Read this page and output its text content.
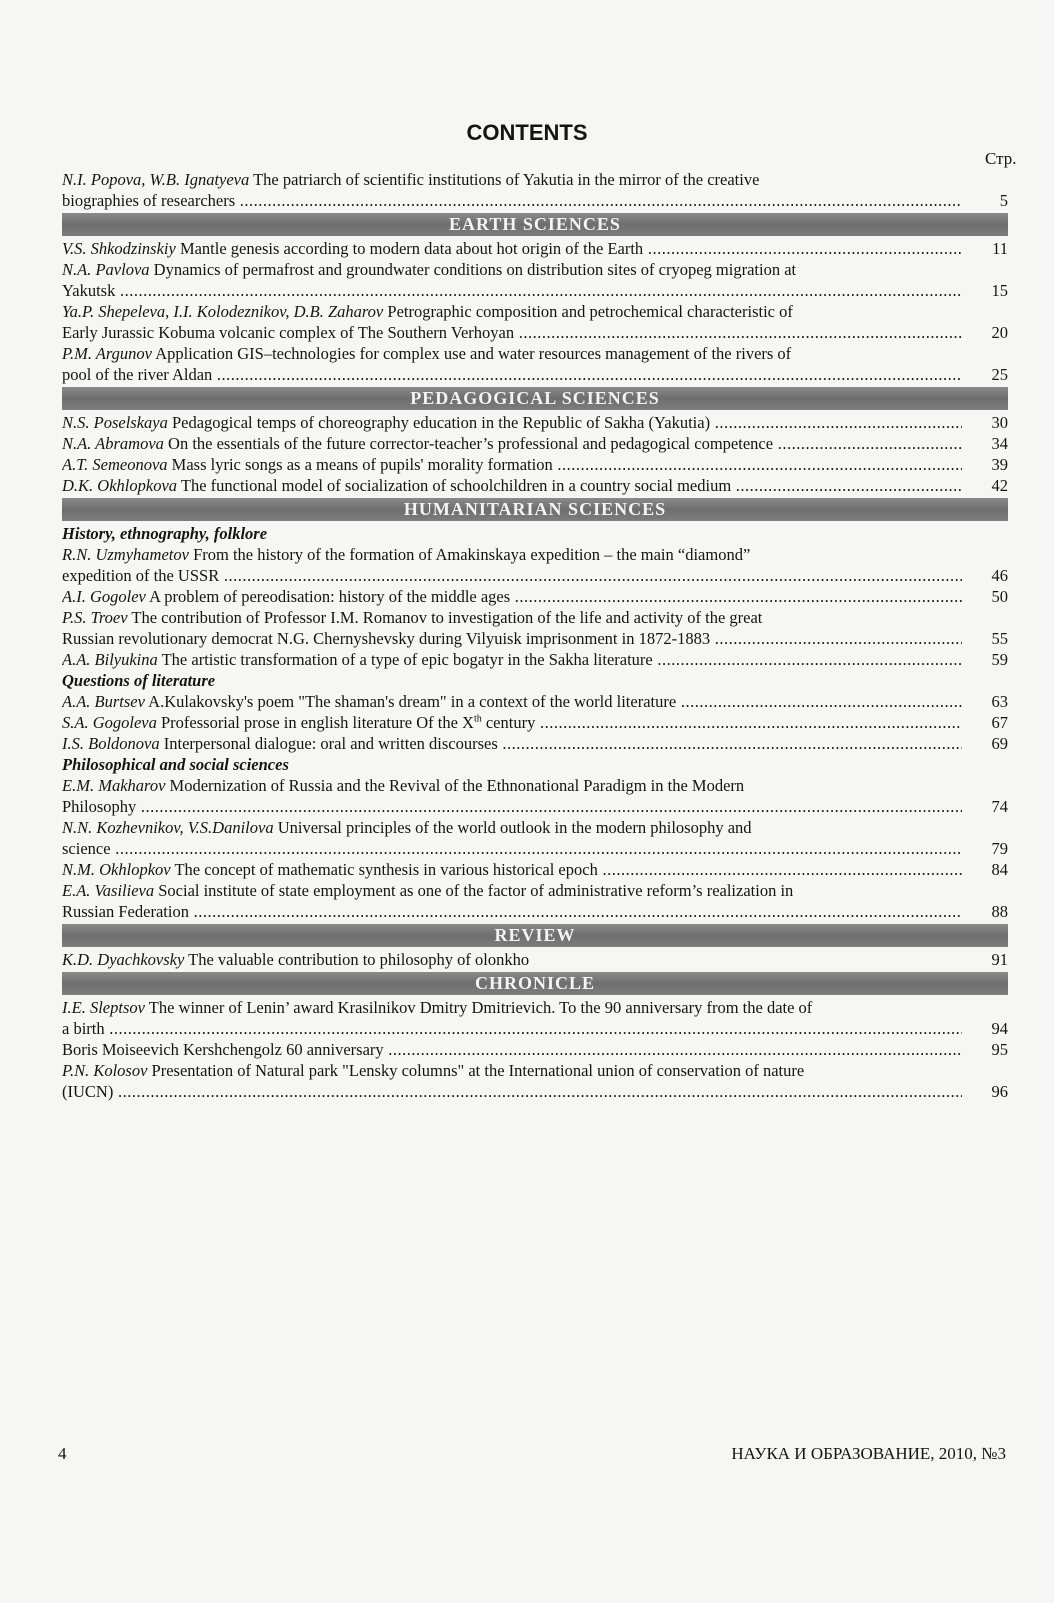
CONTENTS
Стр.
N.I. Popova, W.B. Ignatyeva The patriarch of scientific institutions of Yakutia in the mirror of the creative
biographies of researchers .....	5
EARTH SCIENCES
V.S. Shkodzinskiy Mantle genesis according to modern data about hot origin of the Earth .....	11
N.A. Pavlova Dynamics of permafrost and groundwater conditions on distribution sites of cryopeg migration at
Yakutsk .....	15
Ya.P. Shepeleva, I.I. Kolodeznikov, D.B. Zaharov Petrographic composition and petrochemical characteristic of
Early Jurassic Kobuma volcanic complex of The Southern Verhoyan .....	20
P.M. Argunov Application GIS–technologies for complex use and water resources management of the rivers of
pool of the river Aldan .....	25
PEDAGOGICAL SCIENCES
N.S. Poselskaya Pedagogical temps of choreography education in the Republic of Sakha (Yakutia) .....	30
N.A. Abramova On the essentials of the future corrector-teacher’s professional and pedagogical competence .....	34
A.T. Semeonova Mass lyric songs as a means of pupils' morality formation .....	39
D.K. Okhlopkova The functional model of socialization of schoolchildren in a country social medium .....	42
HUMANITARIAN SCIENCES
History, ethnography, folklore
R.N. Uzmyhametov From the history of the formation of Amakinskaya expedition – the main “diamond”
expedition of the USSR .....	46
A.I. Gogolev A problem of pereodisation: history of the middle ages .....	50
P.S. Troev The contribution of Professor I.M. Romanov to investigation of the life and activity of the great
Russian revolutionary democrat N.G. Chernyshevsky during Vilyuisk imprisonment in 1872-1883 .....	55
A.A. Bilyukina The artistic transformation of a type of epic bogatyr in the Sakha literature .....	59
Questions of literature
A.A. Burtsev A.Kulakovsky's poem "The shaman's dream" in a context of the world literature .....	63
S.A. Gogoleva Professorial prose in english literature Of the Xth century .....	67
I.S. Boldonova Interpersonal dialogue: oral and written discourses .....	69
Philosophical and social sciences
E.M. Makharov Modernization of Russia and the Revival of the Ethnonational Paradigm in the Modern
Philosophy .....	74
N.N. Kozhevnikov, V.S.Danilova Universal principles of the world outlook in the modern philosophy and
science .....	79
N.M. Okhlopkov The concept of mathematic synthesis in various historical epoch .....	84
E.A. Vasilieva Social institute of state employment as one of the factor of administrative reform’s realization in
Russian Federation .....	88
REVIEW
K.D. Dyachkovsky The valuable contribution to philosophy of olonkho	91
CHRONICLE
I.E. Sleptsov The winner of Lenin’ award Krasilnikov Dmitry Dmitrievich. To the 90 anniversary from the date of
a birth .....	94
Boris Moiseevich Kershchengolz 60 anniversary .....	95
P.N. Kolosov Presentation of Natural park "Lensky columns" at the International union of conservation of nature
(IUCN) .....	96
4	НАУКА И ОБРАЗОВАНИЕ, 2010, №3
